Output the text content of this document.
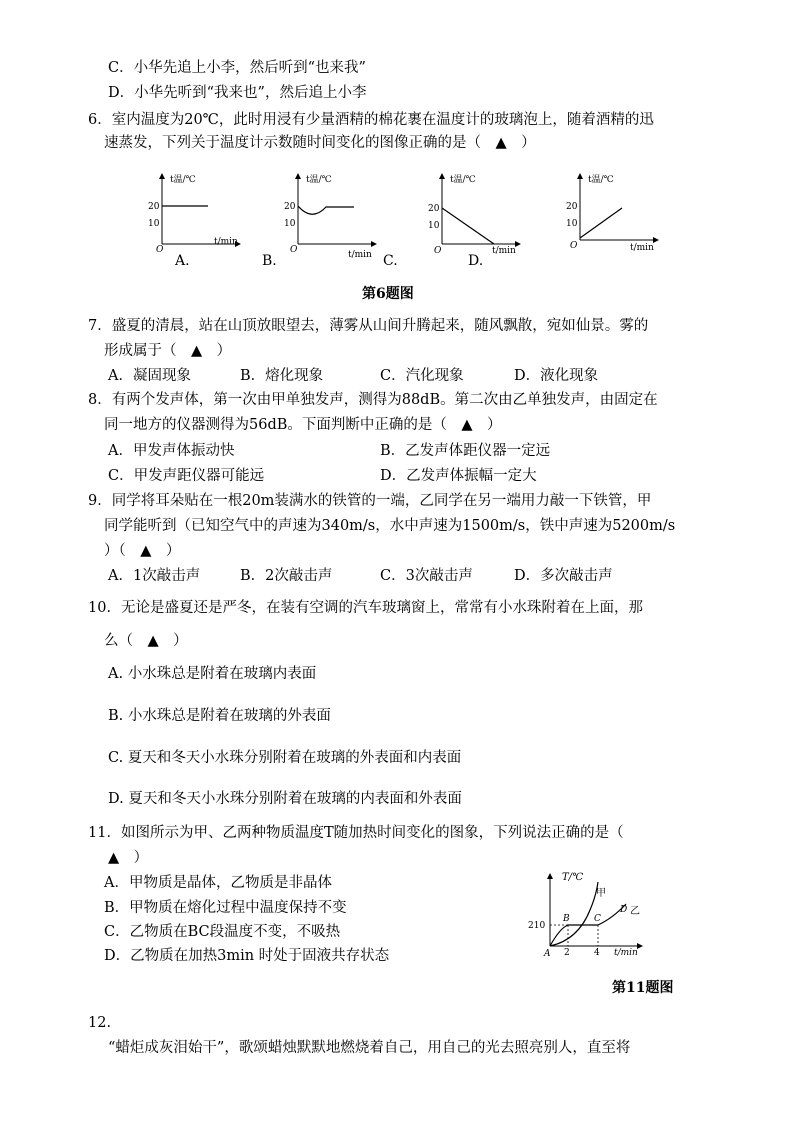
C．小华先追上小李，然后听到“也来我”
D．小华先听到“我来也”，然后追上小李
6．室内温度为20℃，此时用浸有少量酒精的棉花裹在温度计的玻璃泡上，随着酒精的迅
速蒸发，下列关于温度计示数随时间变化的图像正确的是（　▲　）
t温/℃
20
10
O
t/min
A.
t温/℃
20
10
O	t/min
B.
t温/℃
20
10
O	t/min
C.
t温/℃
20
10
O	t/min
D.
第6题图
7．盛夏的清晨，站在山顶放眼望去，薄雾从山间升腾起来，随风飘散，宛如仙景。雾的
形成属于（　▲　）
A．凝固现象	B．熔化现象	C．汽化现象	D．液化现象
8．有两个发声体，第一次由甲单独发声，测得为88dB。第二次由乙单独发声，由固定在
同一地方的仪器测得为56dB。下面判断中正确的是（　▲　）
A．甲发声体振动快	B．乙发声体距仪器一定远
C．甲发声距仪器可能远	D．乙发声体振幅一定大
9．同学将耳朵贴在一根20m装满水的铁管的一端，乙同学在另一端用力敲一下铁管，甲
同学能听到（已知空气中的声速为340m/s，水中声速为1500m/s，铁中声速为5200m/s
）（　▲　）
A．1次敲击声	B．2次敲击声	C．3次敲击声	D．多次敲击声
10．无论是盛夏还是严冬，在装有空调的汽车玻璃窗上，常常有小水珠附着在上面，那
么（　▲　）
A. 小水珠总是附着在玻璃内表面
B. 小水珠总是附着在玻璃的外表面
C. 夏天和冬天小水珠分别附着在玻璃的外表面和内表面
D. 夏天和冬天小水珠分别附着在玻璃的内表面和外表面
11．如图所示为甲、乙两种物质温度T随加热时间变化的图象，下列说法正确的是（
▲　）
A．甲物质是晶体，乙物质是非晶体
B．甲物质在熔化过程中温度保持不变
C．乙物质在BC段温度不变，不吸热
D．乙物质在加热3min 时处于固液共存状态
T/℃
210
2	4 t/min
A
B	C
D
甲
乙
第11题图
12.
“蜡炬成灰泪始干”，歌颂蜡烛默默地燃烧着自己，用自己的光去照亮别人，直至将
